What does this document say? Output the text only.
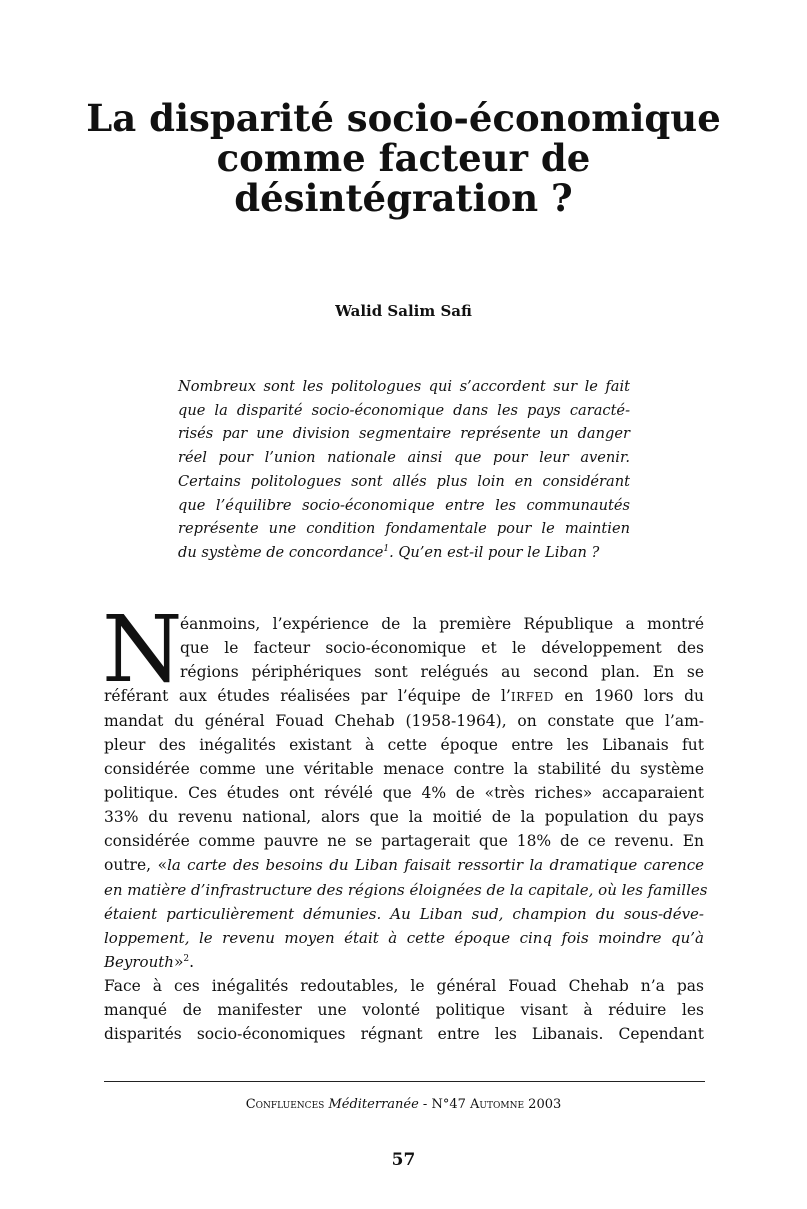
La disparité socio-économique
comme facteur de
désintégration ?
Walid Salim Safi
Nombreux sont les politologues qui s’accordent sur le fait
que la disparité socio-économique dans les pays caracté-
risés par une division segmentaire représente un danger
réel pour l’union nationale ainsi que pour leur avenir.
Certains politologues sont allés plus loin en considérant
que l’équilibre socio-économique entre les communautés
représente une condition fondamentale pour le maintien
du système de concordance$^1$. Qu’en est-il pour le Liban ?
N
éanmoins, l’expérience de la première République a montré
que le facteur socio-économique et le développement des
régions périphériques sont relégués au second plan. En se
référant aux études réalisées par l’équipe de l’IRFED en 1960 lors du
mandat du général Fouad Chehab (1958-1964), on constate que l’am-
pleur des inégalités existant à cette époque entre les Libanais fut
considérée comme une véritable menace contre la stabilité du système
politique. Ces études ont révélé que 4% de «très riches» accaparaient
33% du revenu national, alors que la moitié de la population du pays
considérée comme pauvre ne se partagerait que 18% de ce revenu. En
outre, «la carte des besoins du Liban faisait ressortir la dramatique carence
en matière d’infrastructure des régions éloignées de la capitale, où les familles
étaient particulièrement démunies. Au Liban sud, champion du sous-déve-
loppement, le revenu moyen était à cette époque cinq fois moindre qu’à
Beyrouth»$^2$.
Face à ces inégalités redoutables, le général Fouad Chehab n’a pas
manqué de manifester une volonté politique visant à réduire les
disparités socio-économiques régnant entre les Libanais. Cependant
Confluences Méditerranée - N°47 Automne 2003
57
